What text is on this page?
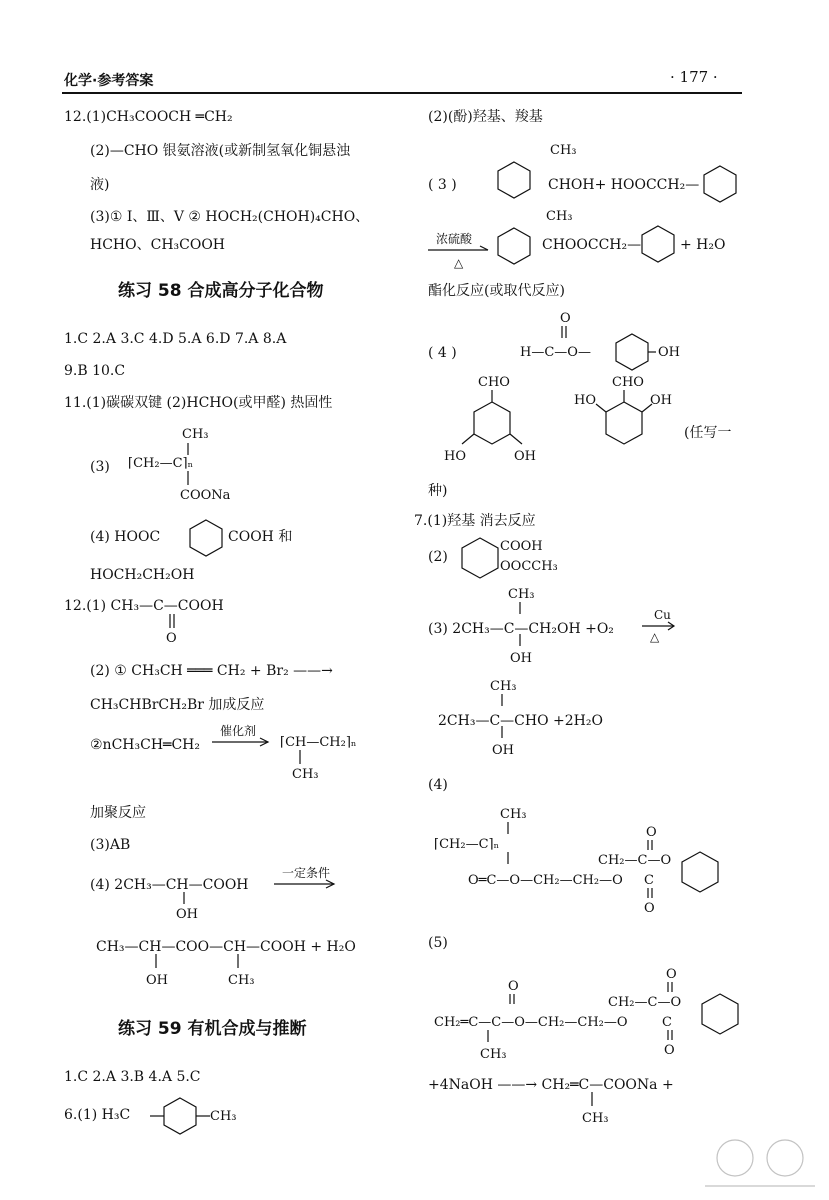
化学·参考答案	· 177 ·
12.(1)CH₃COOCH ═CH₂
(2)—CHO 银氨溶液(或新制氢氧化铜悬浊
液)
(3)① Ⅰ、Ⅲ、Ⅴ ② HOCH₂(CHOH)₄CHO、
HCHO、CH₃COOH
练习 58 合成高分子化合物
1.C 2.A 3.C 4.D 5.A 6.D 7.A 8.A
9.B 10.C
11.(1)碳碳双键 (2)HCHO(或甲醛) 热固性
(3)
CH₃
⌈CH₂—C⌉ₙ
COONa
(4) HOOC	COOH 和
HOCH₂CH₂OH
12.(1) CH₃—C—COOH
O
(2) ① CH₃CH ═══ CH₂ + Br₂ ——→
CH₃CHBrCH₂Br 加成反应
②nCH₃CH═CH₂
催化剂
→ ⌈CH—CH₂⌉ₙ
CH₃
加聚反应
(3)AB
(4) 2CH₃—CH—COOH
一定条件
OH
CH₃—CH—COO—CH—COOH + H₂O
OH	CH₃
练习 59 有机合成与推断
1.C 2.A 3.B 4.A 5.C
6.(1) H₃C	CH₃
(2)(酚)羟基、羧基
( 3 )
CH₃
CHOH+ HOOCCH₂—
浓硫酸
△
CH₃
CHOOCCH₂—	+ H₂O
酯化反应(或取代反应)
( 4 )
O
H—C—O—	OH
CHO
HO	OH
CHO
HO	OH
(任写一
种)
7.(1)羟基 消去反应
(2)
COOH
OOCCH₃
(3) 2CH₃—C—CH₂OH +O₂
CH₃
OH
Cu
△
2CH₃—C—CHO +2H₂O
CH₃
OH
(4)
CH₃
⌈CH₂—C⌉ₙ
O═C—O—CH₂—CH₂—O
O
CH₂—C—O
C
O
(5)
O
CH₂═C—C—O—CH₂—CH₂—O
CH₃
O
CH₂—C—O
C
O
+4NaOH ——→ CH₂═C—COONa +
CH₃
